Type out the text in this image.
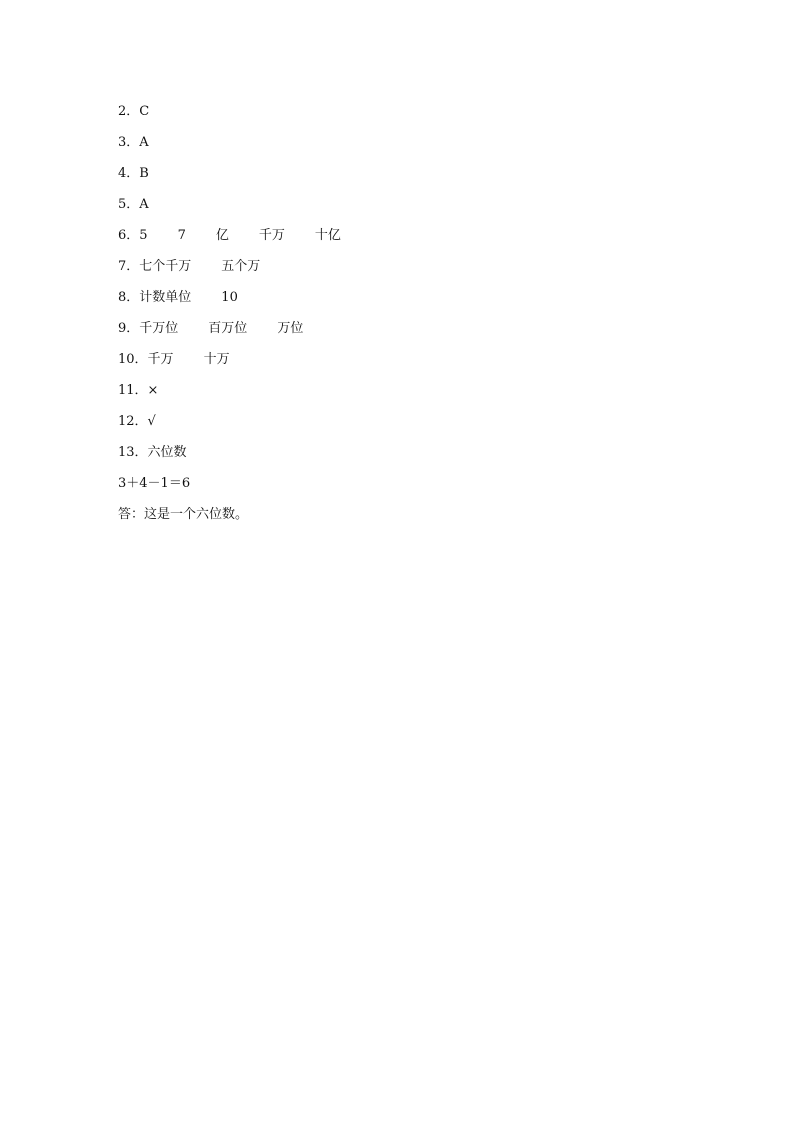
2． C
3． A
4． B
5． A
6． 5 7 亿 千万 十亿
7． 七个千万 五个万
8． 计数单位 10
9． 千万位 百万位 万位
10． 千万 十万
11． ×
12． √
13． 六位数
3＋4－1＝6
答：这是一个六位数。
